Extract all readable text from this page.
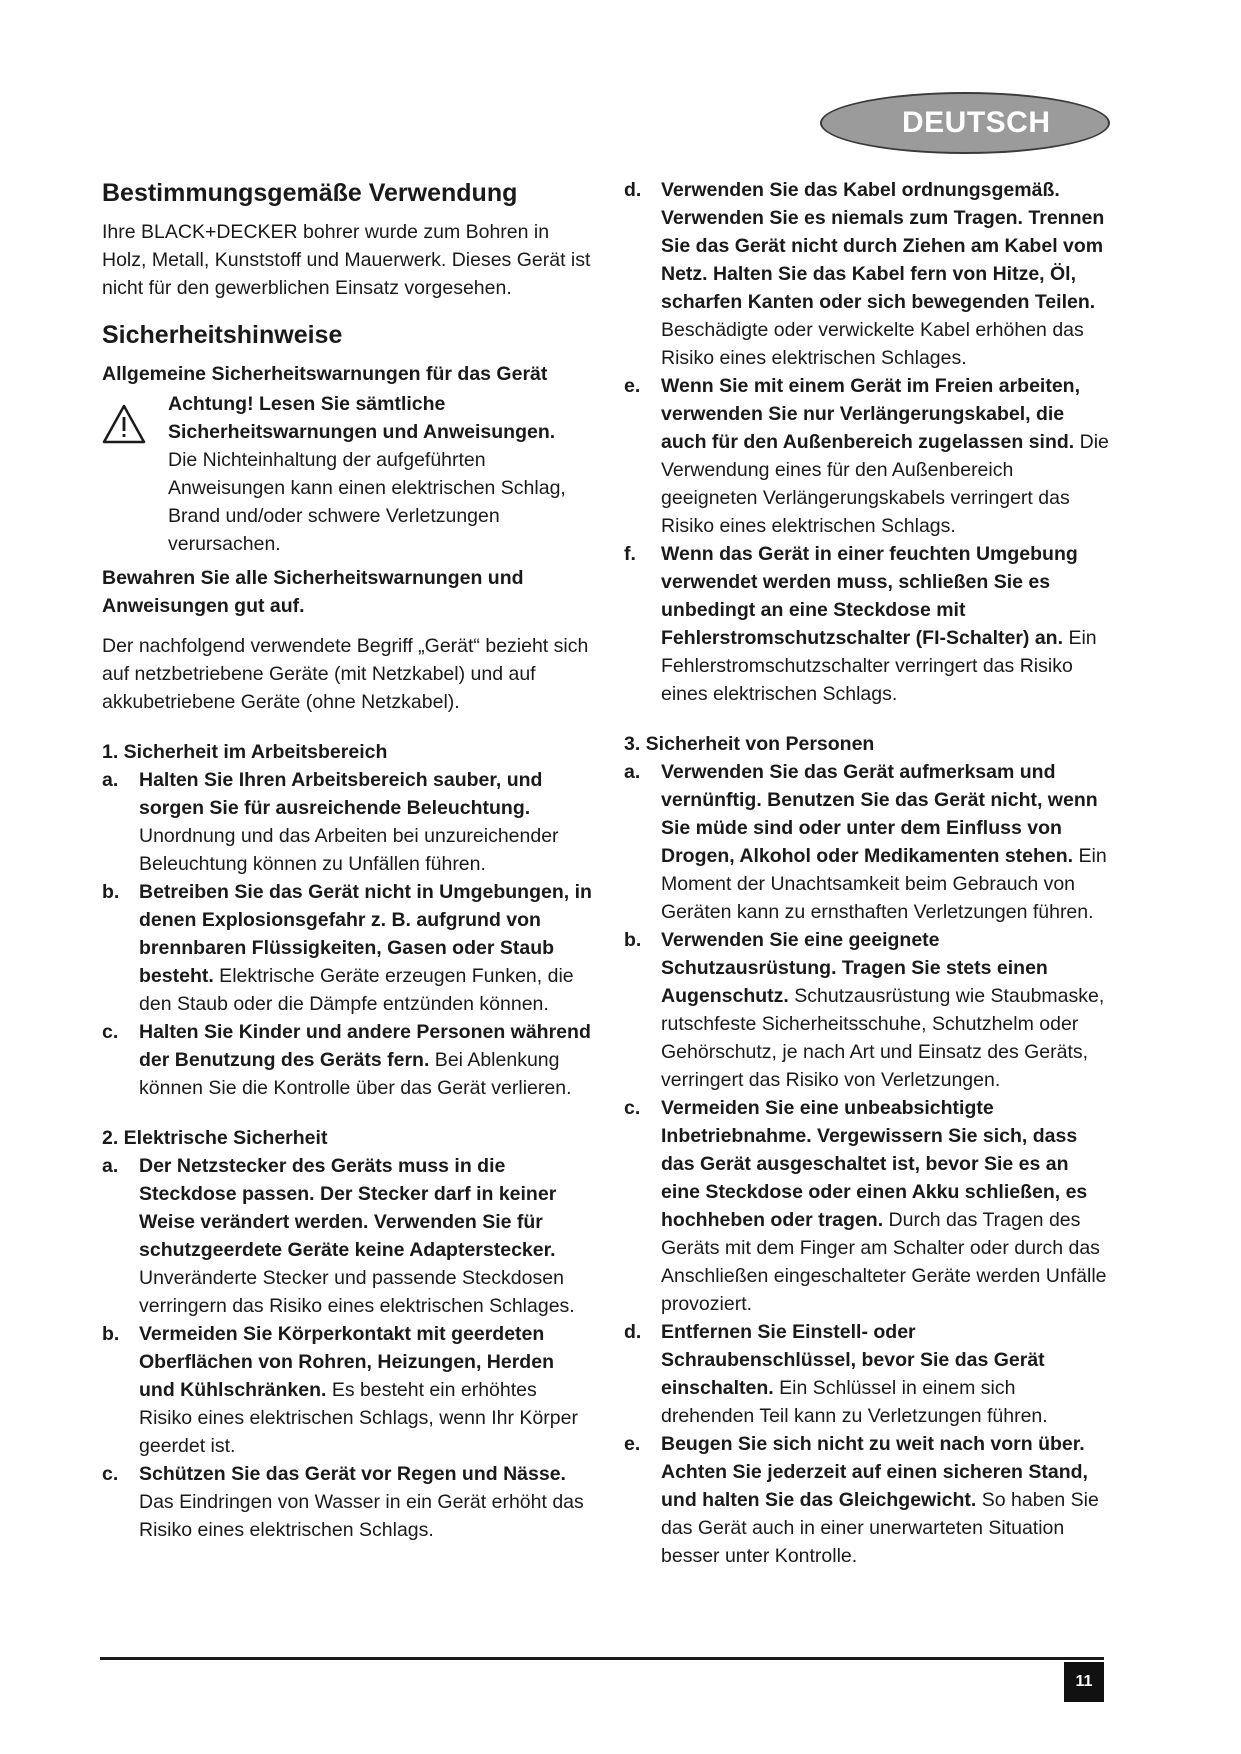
DEUTSCH
Bestimmungsgemäße Verwendung

Ihre BLACK+DECKER bohrer wurde zum Bohren in Holz, Metall, Kunststoff und Mauerwerk. Dieses Gerät ist nicht für den gewerblichen Einsatz vorgesehen.

Sicherheitshinweise

Allgemeine Sicherheitswarnungen für das Gerät

Achtung! Lesen Sie sämtliche Sicherheitswarnungen und Anweisungen.

Die Nichteinhaltung der aufgeführten Anweisungen kann einen elektrischen Schlag, Brand und/oder schwere Verletzungen verursachen.

Bewahren Sie alle Sicherheitswarnungen und Anweisungen gut auf.

Der nachfolgend verwendete Begriff „Gerät“ bezieht sich auf netzbetriebene Geräte (mit Netzkabel) und auf akkubetriebene Geräte (ohne Netzkabel).

1. Sicherheit im Arbeitsbereich

a. Halten Sie Ihren Arbeitsbereich sauber, und sorgen Sie für ausreichende Beleuchtung. Unordnung und das Arbeiten bei unzureichender Beleuchtung können zu Unfällen führen.
b. Betreiben Sie das Gerät nicht in Umgebungen, in denen Explosionsgefahr z. B. aufgrund von brennbaren Flüssigkeiten, Gasen oder Staub besteht. Elektrische Geräte erzeugen Funken, die den Staub oder die Dämpfe entzünden können.
c. Halten Sie Kinder und andere Personen während der Benutzung des Geräts fern. Bei Ablenkung können Sie die Kontrolle über das Gerät verlieren.

2. Elektrische Sicherheit

a. Der Netzstecker des Geräts muss in die Steckdose passen. Der Stecker darf in keiner Weise verändert werden. Verwenden Sie für schutzgeerdete Geräte keine Adapterstecker. Unveränderte Stecker und passende Steckdosen verringern das Risiko eines elektrischen Schlages.
b. Vermeiden Sie Körperkontakt mit geerdeten Oberflächen von Rohren, Heizungen, Herden und Kühlschränken. Es besteht ein erhöhtes Risiko eines elektrischen Schlags, wenn Ihr Körper geerdet ist.
c. Schützen Sie das Gerät vor Regen und Nässe. Das Eindringen von Wasser in ein Gerät erhöht das Risiko eines elektrischen Schlags.
d. Verwenden Sie das Kabel ordnungsgemäß. Verwenden Sie es niemals zum Tragen. Trennen Sie das Gerät nicht durch Ziehen am Kabel vom Netz. Halten Sie das Kabel fern von Hitze, Öl, scharfen Kanten oder sich bewegenden Teilen. Beschädigte oder verwickelte Kabel erhöhen das Risiko eines elektrischen Schlages.
e. Wenn Sie mit einem Gerät im Freien arbeiten, verwenden Sie nur Verlängerungskabel, die auch für den Außenbereich zugelassen sind. Die Verwendung eines für den Außenbereich geeigneten Verlängerungskabels verringert das Risiko eines elektrischen Schlags.
f. Wenn das Gerät in einer feuchten Umgebung verwendet werden muss, schließen Sie es unbedingt an eine Steckdose mit Fehlerstromschutzschalter (FI-Schalter) an. Ein Fehlerstromschutzschalter verringert das Risiko eines elektrischen Schlags.

3. Sicherheit von Personen

a. Verwenden Sie das Gerät aufmerksam und vernünftig. Benutzen Sie das Gerät nicht, wenn Sie müde sind oder unter dem Einfluss von Drogen, Alkohol oder Medikamenten stehen. Ein Moment der Unachtsamkeit beim Gebrauch von Geräten kann zu ernsthaften Verletzungen führen.
b. Verwenden Sie eine geeignete Schutzausrüstung. Tragen Sie stets einen Augenschutz. Schutzausrüstung wie Staubmaske, rutschfeste Sicherheitsschuhe, Schutzhelm oder Gehörschutz, je nach Art und Einsatz des Geräts, verringert das Risiko von Verletzungen.
c. Vermeiden Sie eine unbeabsichtigte Inbetriebnahme. Vergewissern Sie sich, dass das Gerät ausgeschaltet ist, bevor Sie es an eine Steckdose oder einen Akku schließen, es hochheben oder tragen. Durch das Tragen des Geräts mit dem Finger am Schalter oder durch das Anschließen eingeschalteter Geräte werden Unfälle provoziert.
d. Entfernen Sie Einstell- oder Schraubenschlüssel, bevor Sie das Gerät einschalten. Ein Schlüssel in einem sich drehenden Teil kann zu Verletzungen führen.
e. Beugen Sie sich nicht zu weit nach vorn über. Achten Sie jederzeit auf einen sicheren Stand, und halten Sie das Gleichgewicht. So haben Sie das Gerät auch in einer unerwarteten Situation besser unter Kontrolle.
11
